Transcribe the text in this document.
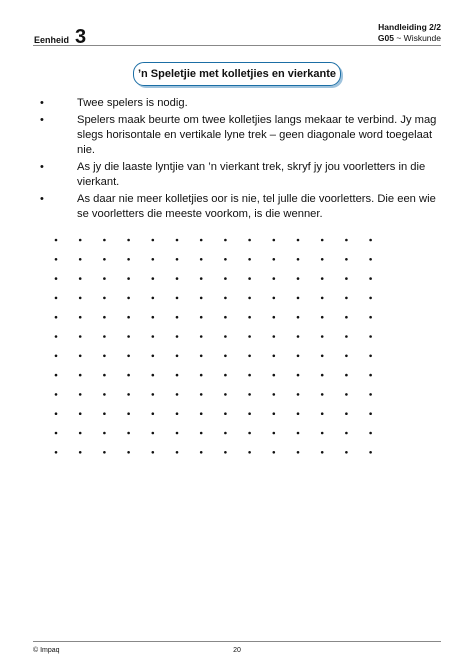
Eenheid 3	Handleiding 2/2
G05 ~ Wiskunde
’n Speletjie met kolletjies en vierkante
•	Twee spelers is nodig.
•	Spelers maak beurte om twee kolletjies langs mekaar te verbind. Jy mag slegs horisontale en vertikale lyne trek – geen diagonale word toegelaat nie.
•	As jy die laaste lyntjie van ’n vierkant trek, skryf jy jou voorletters in die vierkant.
•	As daar nie meer kolletjies oor is nie, tel julle die voorletters. Die een wie se voorletters die meeste voorkom, is die wenner.
© Impaq	20
